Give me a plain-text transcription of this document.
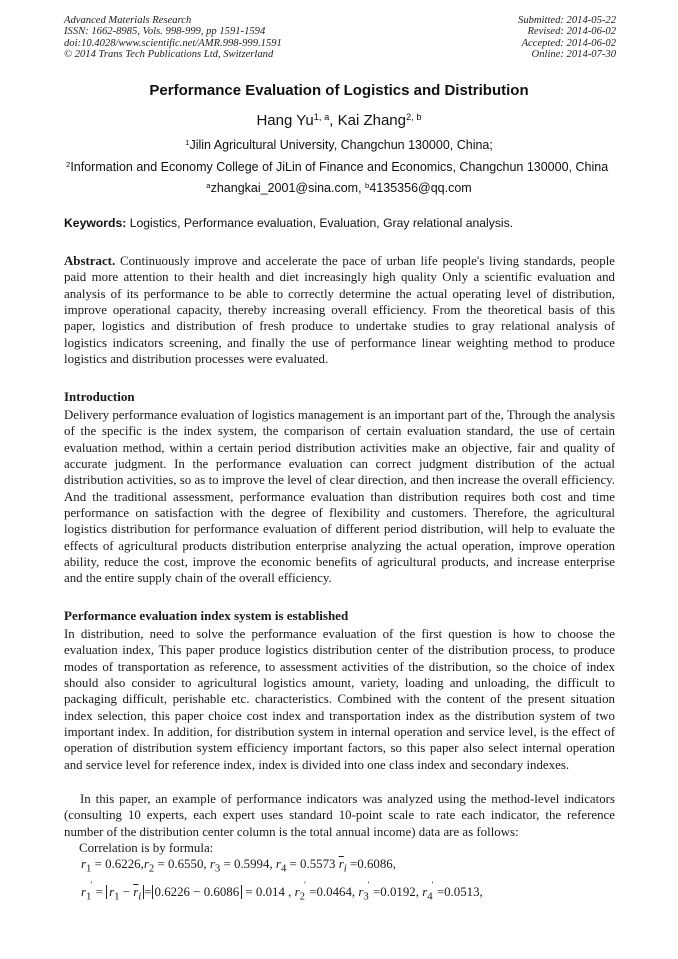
Advanced Materials Research
ISSN: 1662-8985, Vols. 998-999, pp 1591-1594
doi:10.4028/www.scientific.net/AMR.998-999.1591
© 2014 Trans Tech Publications Ltd, Switzerland
Submitted: 2014-05-22
Revised: 2014-06-02
Accepted: 2014-06-02
Online: 2014-07-30
Performance Evaluation of Logistics and Distribution
Hang Yu$^{1, a}$, Kai Zhang$^{2, b}$
$^1$Jilin Agricultural University, Changchun 130000, China;
$^2$Information and Economy College of JiLin of Finance and Economics, Changchun 130000, China
$^a$zhangkai_2001@sina.com, $^b$4135356@qq.com
Keywords: Logistics, Performance evaluation, Evaluation, Gray relational analysis.
Abstract. Continuously improve and accelerate the pace of urban life people's living standards, people paid more attention to their health and diet increasingly high quality Only a scientific evaluation and analysis of its performance to be able to correctly determine the actual operating level of distribution, improve operational capacity, thereby increasing overall efficiency. From the theoretical basis of this paper, logistics and distribution of fresh produce to undertake studies to gray relational analysis of logistics indicators screening, and finally the use of performance linear weighting method to produce logistics and distribution processes were evaluated.
Introduction
Delivery performance evaluation of logistics management is an important part of the, Through the analysis of the specific is the index system, the comparison of certain evaluation standard, the use of certain evaluation method, within a certain period distribution activities make an objective, fair and quality of accurate judgment. In the performance evaluation can correct judgment distribution of the actual distribution activities, so as to improve the level of clear direction, and then increase the overall efficiency. And the traditional assessment, performance evaluation than distribution requires both cost and time performance on satisfaction with the degree of flexibility and customers. Therefore, the agricultural logistics distribution for performance evaluation of different period distribution, will help to evaluate the effects of agricultural products distribution enterprise analyzing the actual operation, improve operation ability, reduce the cost, improve the economic benefits of agricultural products, and increase enterprise and the entire supply chain of the overall efficiency.
Performance evaluation index system is established
In distribution, need to solve the performance evaluation of the first question is how to choose the evaluation index, This paper produce logistics distribution center of the distribution process, to produce modes of transportation as reference, to assessment activities of the distribution, so the choice of index should also consider to agricultural logistics amount, variety, loading and unloading, the difficult to packaging difficult, perishable etc. characteristics. Combined with the content of the present situation index selection, this paper choice cost index and transportation index as the distribution system of two important index. In addition, for distribution system in internal operation and service level, is the effect of operation of distribution system efficiency important factors, so this paper also select internal operation and service level for reference index, index is divided into one class index and secondary indexes.
In this paper, an example of performance indicators was analyzed using the method-level indicators (consulting 10 experts, each expert uses standard 10-point scale to rate each indicator, the reference number of the distribution center column is the total annual income) data are as follows:
Correlation is by formula:
$r_1 = 0.6226,r_2 = 0.6550$, $r_3 = 0.5994$, $r_4 = 0.5573$ $\overline{r}_i =0.6086$,
$r_1' = r_1 - \overline{r}_i = 0.6226 - 0.6086 = 0.014$ , $r_2' =0.0464$, $r_3' =0.0192$, $r_4' =0.0513$,
